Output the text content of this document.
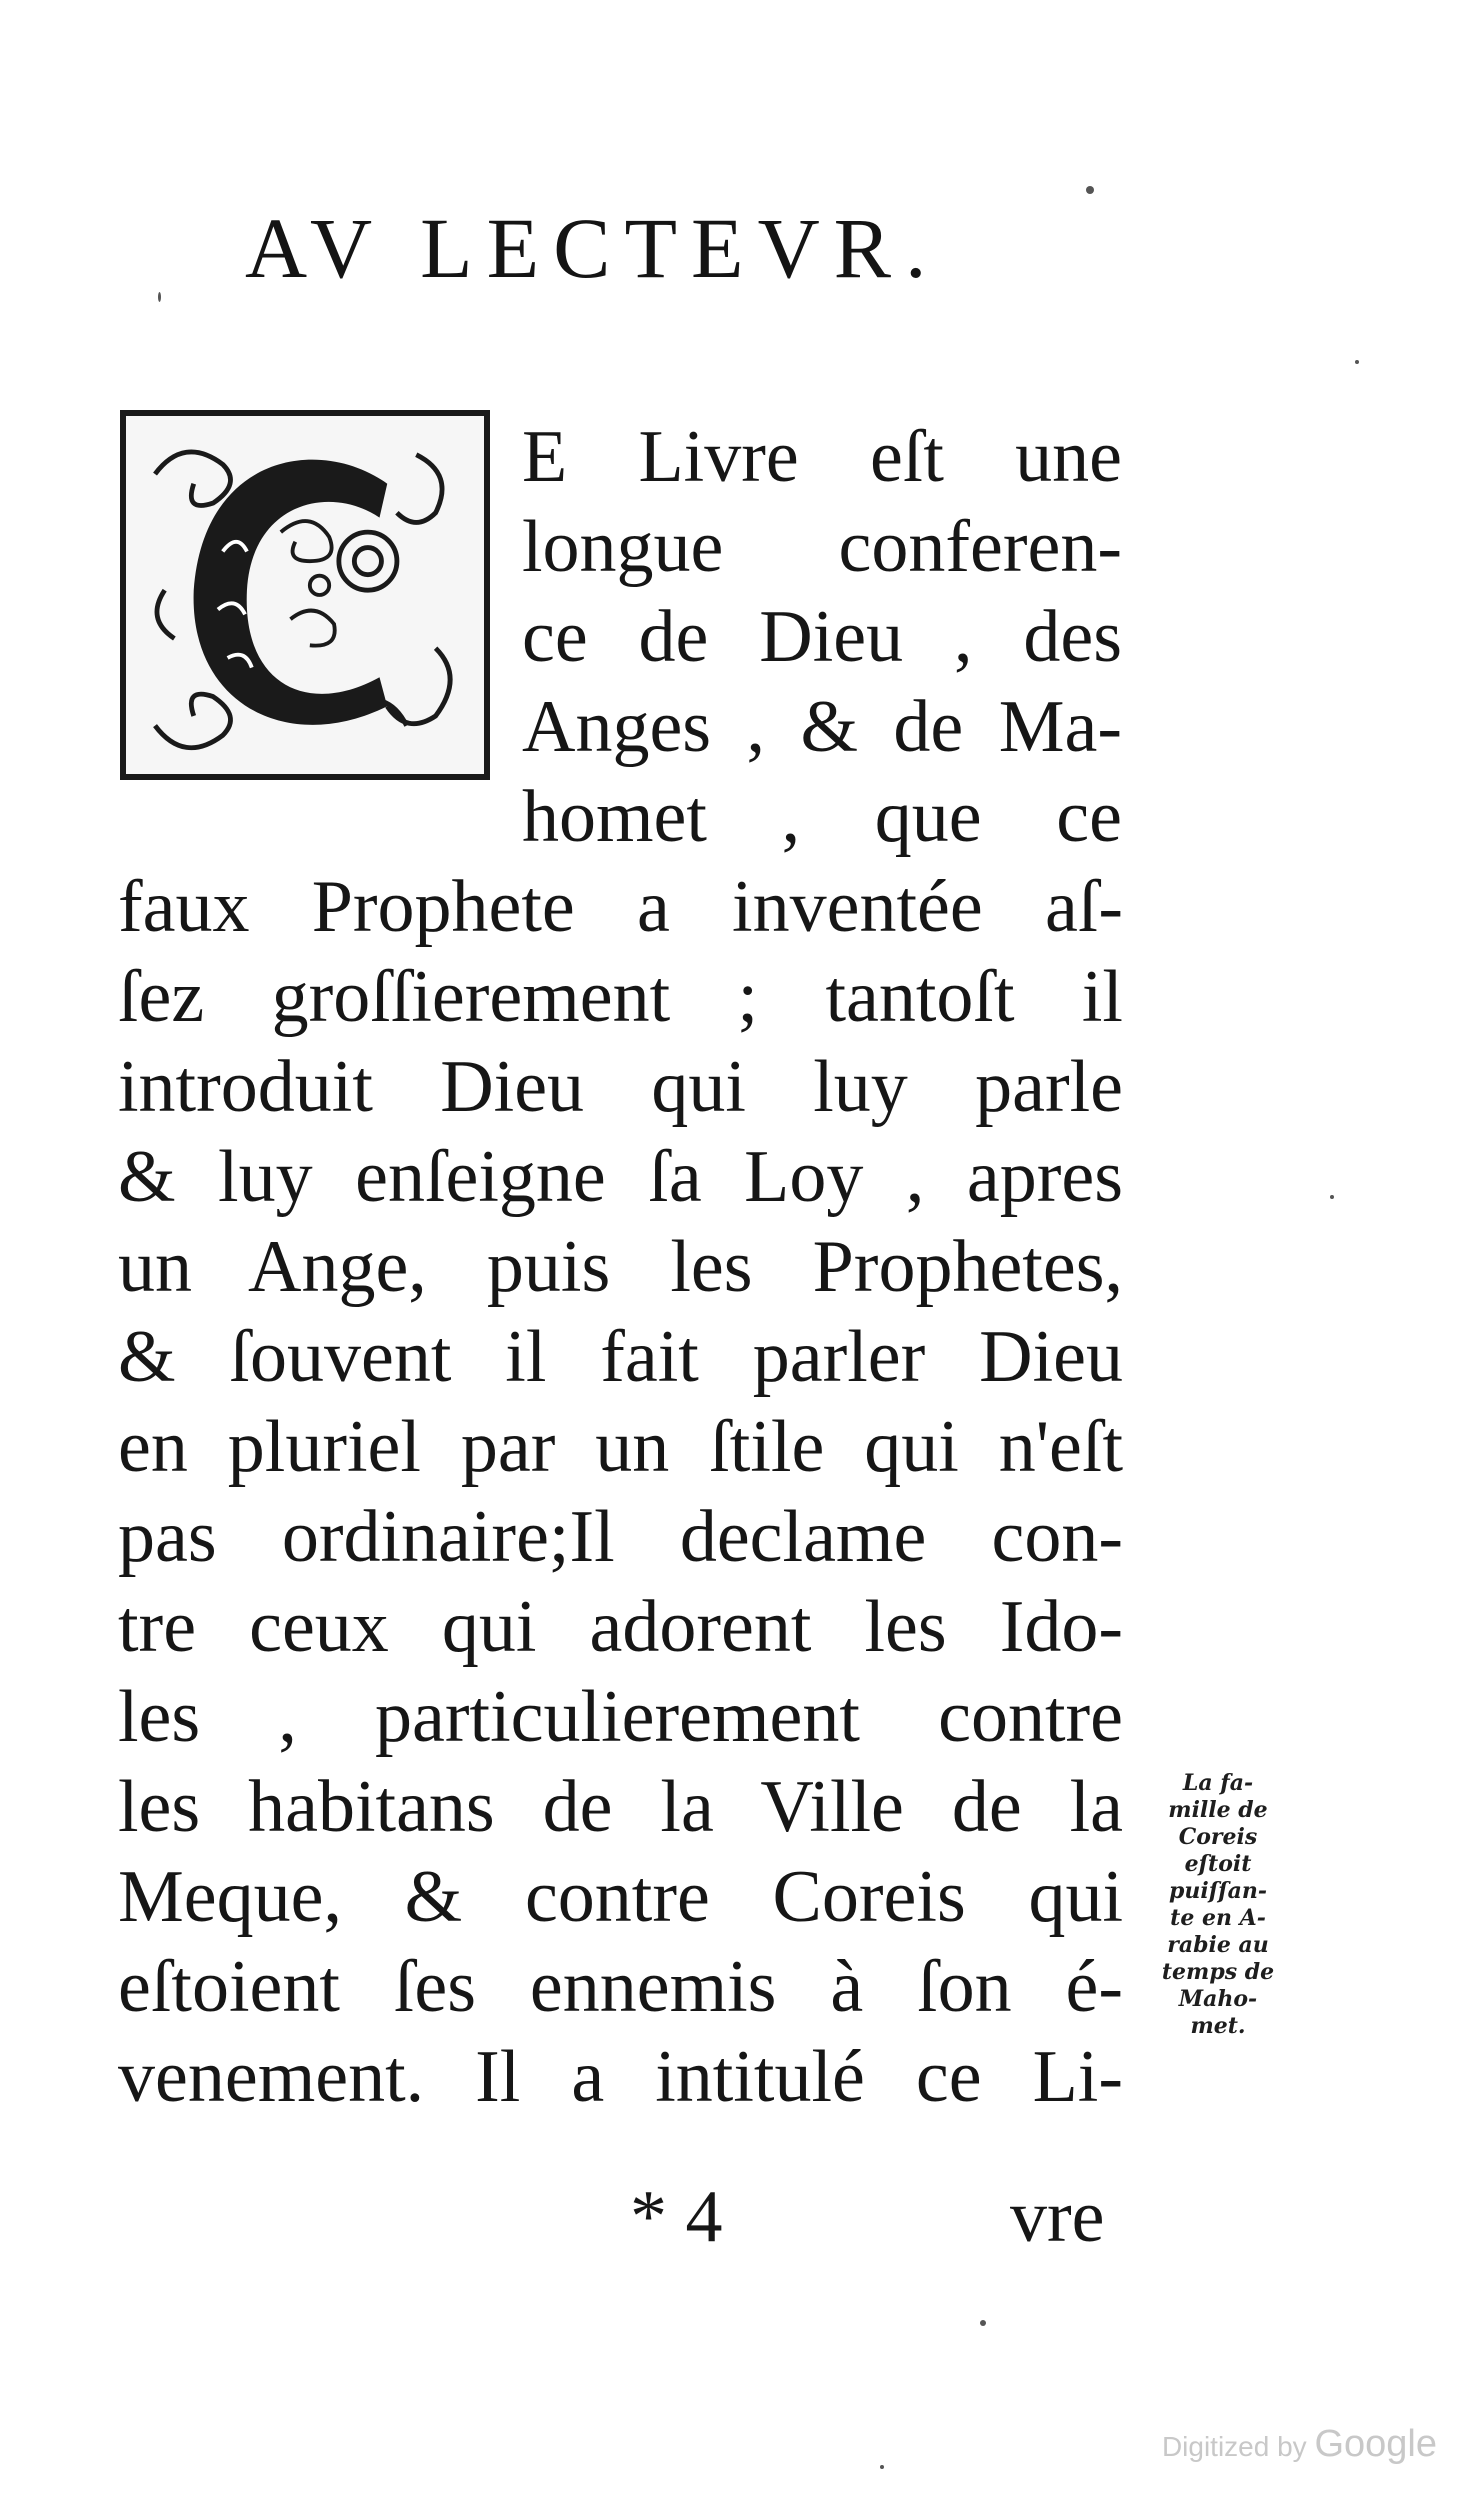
AV LECTEVR.
E Livre eſt une
longue conferen-
ce de Dieu , des
Anges , & de Ma-
homet , que ce
faux Prophete a inventée aſ-
ſez groſſierement ; tantoſt il
introduit Dieu qui luy parle
& luy enſeigne ſa Loy , apres
un Ange, puis les Prophetes,
& ſouvent il fait parler Dieu
en pluriel par un ſtile qui n'eſt
pas ordinaire;Il declame con-
tre ceux qui adorent les Ido-
les , particulierement contre
les habitans de la Ville de la
Meque, & contre Coreis qui
eſtoient ſes ennemis à ſon é-
venement. Il a intitulé ce Li-
* 4	vre
La fa-
mille de
Coreis
eſtoit
puiſſan-
te en A-
rabie au
temps de
Maho-
met.
Digitized by Google
